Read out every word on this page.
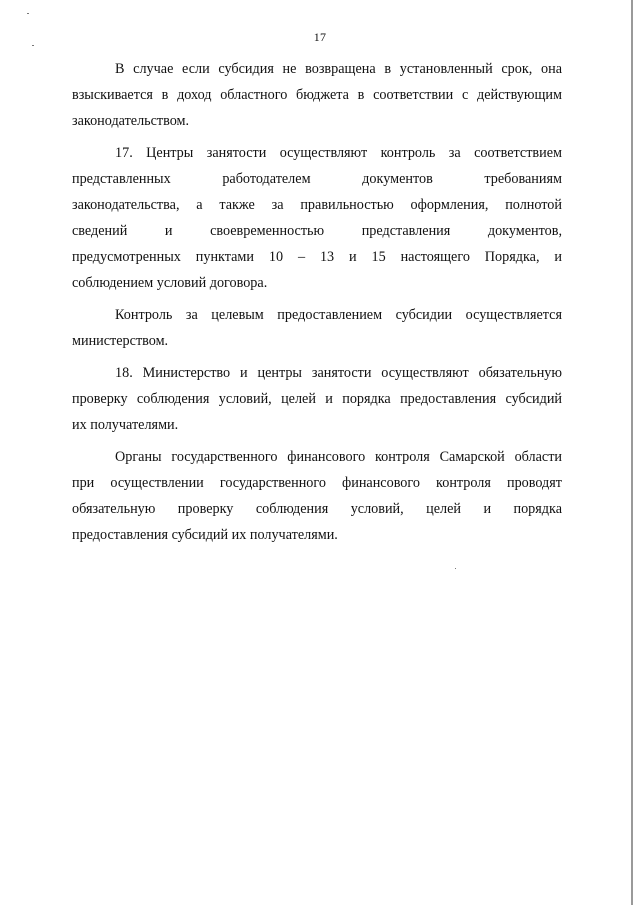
17
В случае если субсидия не возвращена в установленный срок, она
взыскивается в доход областного бюджета в соответствии с действующим
законодательством.
17. Центры занятости осуществляют контроль за соответствием
представленных работодателем документов требованиям
законодательства, а также за правильностью оформления, полнотой
сведений и своевременностью представления документов,
предусмотренных пунктами 10 – 13 и 15 настоящего Порядка, и
соблюдением условий договора.
Контроль за целевым предоставлением субсидии осуществляется
министерством.
18. Министерство и центры занятости осуществляют обязательную
проверку соблюдения условий, целей и порядка предоставления субсидий
их получателями.
Органы государственного финансового контроля Самарской области
при осуществлении государственного финансового контроля проводят
обязательную проверку соблюдения условий, целей и порядка
предоставления субсидий их получателями.
